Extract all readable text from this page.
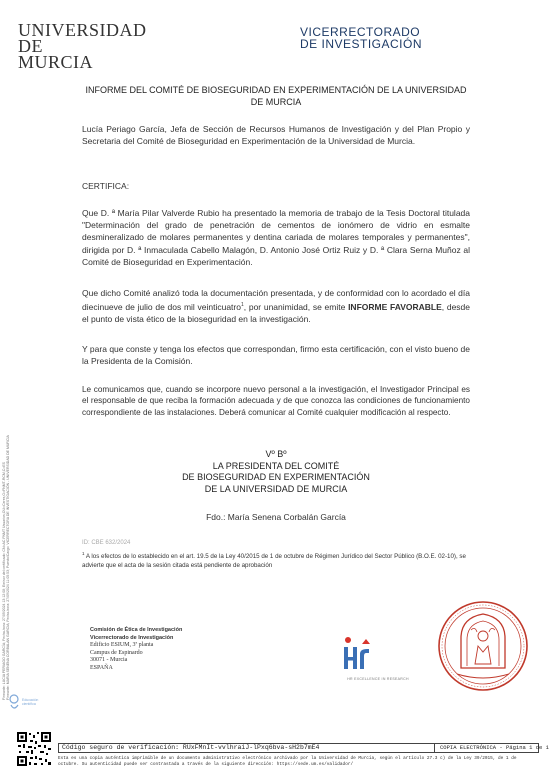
UNIVERSIDAD DE
MURCIA
VICERRECTORADO
DE INVESTIGACIÓN
Firmante: LUCIA PERIAGO GARCÍA; Fecha-hora: 27/09/2024 13:12:08; Emisor del certificado: CN=AC FNMT Usuarios,OU=Ceres,O=FNMT-RCM,C=ES Firmante: MARIA SENENA CORBALAN GARCIA; Fecha-hora: 27/09/2024 11:05:53; Puesto/Cargo: VICERRECTORA DE INVESTIGACIÓN - UNIVERSIDAD DE MURCIA
INFORME DEL COMITÉ DE BIOSEGURIDAD EN EXPERIMENTACIÓN DE LA UNIVERSIDAD DE MURCIA
Lucía Periago García, Jefa de Sección de Recursos Humanos de Investigación y del Plan Propio y Secretaria del Comité de Bioseguridad en Experimentación de la Universidad de Murcia.
CERTIFICA:
Que D. ª María Pilar Valverde Rubio ha presentado la memoria de trabajo de la Tesis Doctoral titulada "Determinación del grado de penetración de cementos de ionómero de vidrio en esmalte desmineralizado de molares permanentes y dentina cariada de molares temporales y permanentes", dirigida por D. ª Inmaculada Cabello Malagón, D. Antonio José Ortiz Ruiz y D. ª Clara Serna Muñoz al Comité de Bioseguridad en Experimentación.
Que dicho Comité analizó toda la documentación presentada, y de conformidad con lo acordado el día diecinueve de julio de dos mil veinticuatro$^1$, por unanimidad, se emite INFORME FAVORABLE, desde el punto de vista ético de la bioseguridad en la investigación.
Y para que conste y tenga los efectos que correspondan, firmo esta certificación, con el visto bueno de la Presidenta de la Comisión.
Le comunicamos que, cuando se incorpore nuevo personal a la investigación, el Investigador Principal es el responsable de que reciba la formación adecuada y de que conozca las condiciones de funcionamiento correspondiente de las instalaciones. Deberá comunicar al Comité cualquier modificación al respecto.
Vº Bº
LA PRESIDENTA DEL COMITÉ
DE BIOSEGURIDAD EN EXPERIMENTACIÓN
DE LA UNIVERSIDAD DE MURCIA
Fdo.: María Senena Corbalán García
ID: CBE 632/2024
$^1$ A los efectos de lo establecido en el art. 19.5 de la Ley 40/2015 de 1 de octubre de Régimen Jurídico del Sector Público (B.O.E. 02-10), se advierte que el acta de la sesión citada está pendiente de aprobación
Comisión de Ética de Investigación
Vicerrectorado de Investigación
Edificio ESIUM, 3ª planta
Campus de Espinardo
30071 - Murcia
ESPAÑA
HR EXCELLENCE IN RESEARCH
Educación científica
Código seguro de verificación: RUxFMnIt-vvlhraiJ-lPxq6bva-sH2b7mE4	COPIA ELECTRÓNICA - Página 1 de 1
Esta es una copia auténtica imprimible de un documento administrativo electrónico archivado por la Universidad de Murcia, según el artículo 27.3 c) de la Ley 39/2015, de 1 de
octubre. Su autenticidad puede ser contrastada a través de la siguiente dirección: https://sede.um.es/validador/
